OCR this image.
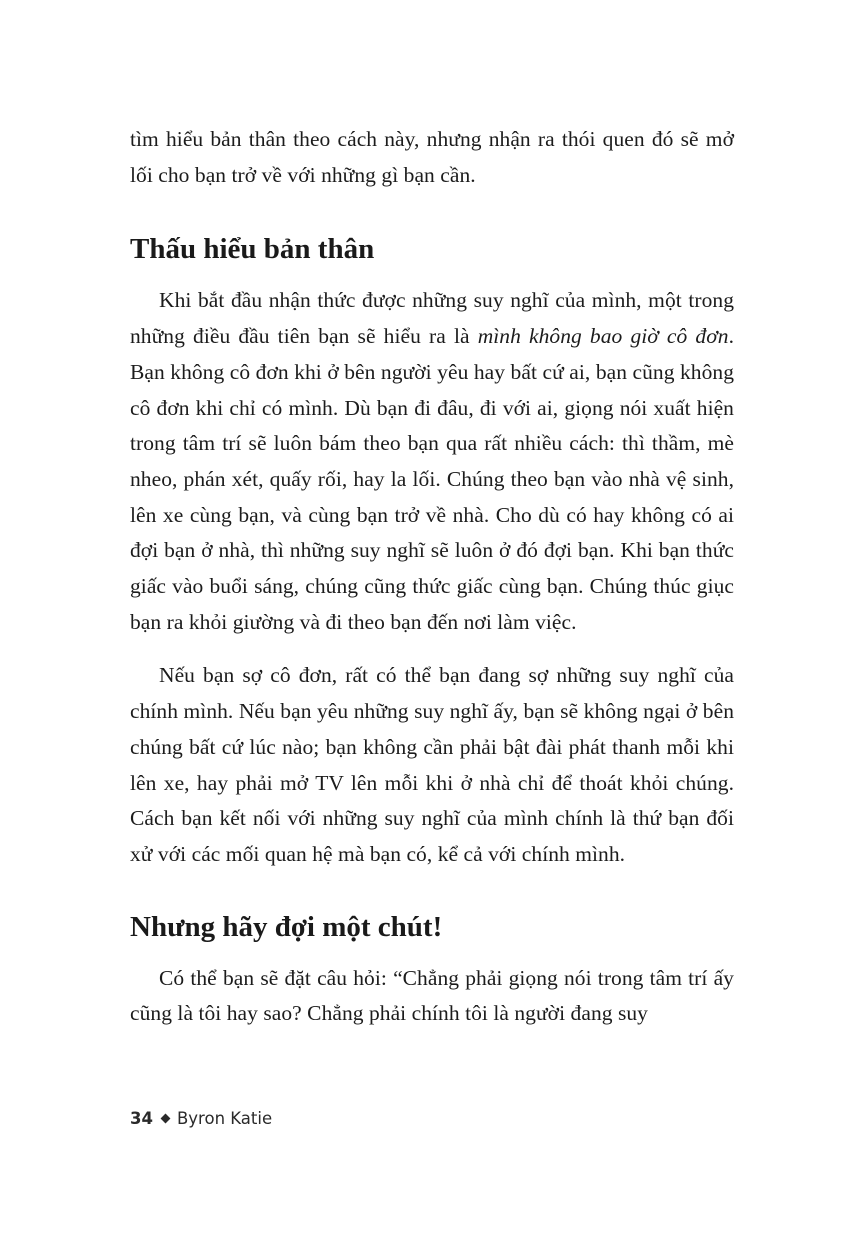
tìm hiểu bản thân theo cách này, nhưng nhận ra thói quen đó sẽ mở lối cho bạn trở về với những gì bạn cần.

Thấu hiểu bản thân

Khi bắt đầu nhận thức được những suy nghĩ của mình, một trong những điều đầu tiên bạn sẽ hiểu ra là mình không bao giờ cô đơn. Bạn không cô đơn khi ở bên người yêu hay bất cứ ai, bạn cũng không cô đơn khi chỉ có mình. Dù bạn đi đâu, đi với ai, giọng nói xuất hiện trong tâm trí sẽ luôn bám theo bạn qua rất nhiều cách: thì thầm, mè nheo, phán xét, quấy rối, hay la lối. Chúng theo bạn vào nhà vệ sinh, lên xe cùng bạn, và cùng bạn trở về nhà. Cho dù có hay không có ai đợi bạn ở nhà, thì những suy nghĩ sẽ luôn ở đó đợi bạn. Khi bạn thức giấc vào buổi sáng, chúng cũng thức giấc cùng bạn. Chúng thúc giục bạn ra khỏi giường và đi theo bạn đến nơi làm việc.

Nếu bạn sợ cô đơn, rất có thể bạn đang sợ những suy nghĩ của chính mình. Nếu bạn yêu những suy nghĩ ấy, bạn sẽ không ngại ở bên chúng bất cứ lúc nào; bạn không cần phải bật đài phát thanh mỗi khi lên xe, hay phải mở TV lên mỗi khi ở nhà chỉ để thoát khỏi chúng. Cách bạn kết nối với những suy nghĩ của mình chính là thứ bạn đối xử với các mối quan hệ mà bạn có, kể cả với chính mình.

Nhưng hãy đợi một chút!

Có thể bạn sẽ đặt câu hỏi: “Chẳng phải giọng nói trong tâm trí ấy cũng là tôi hay sao? Chẳng phải chính tôi là người đang suy

34 Byron Katie
